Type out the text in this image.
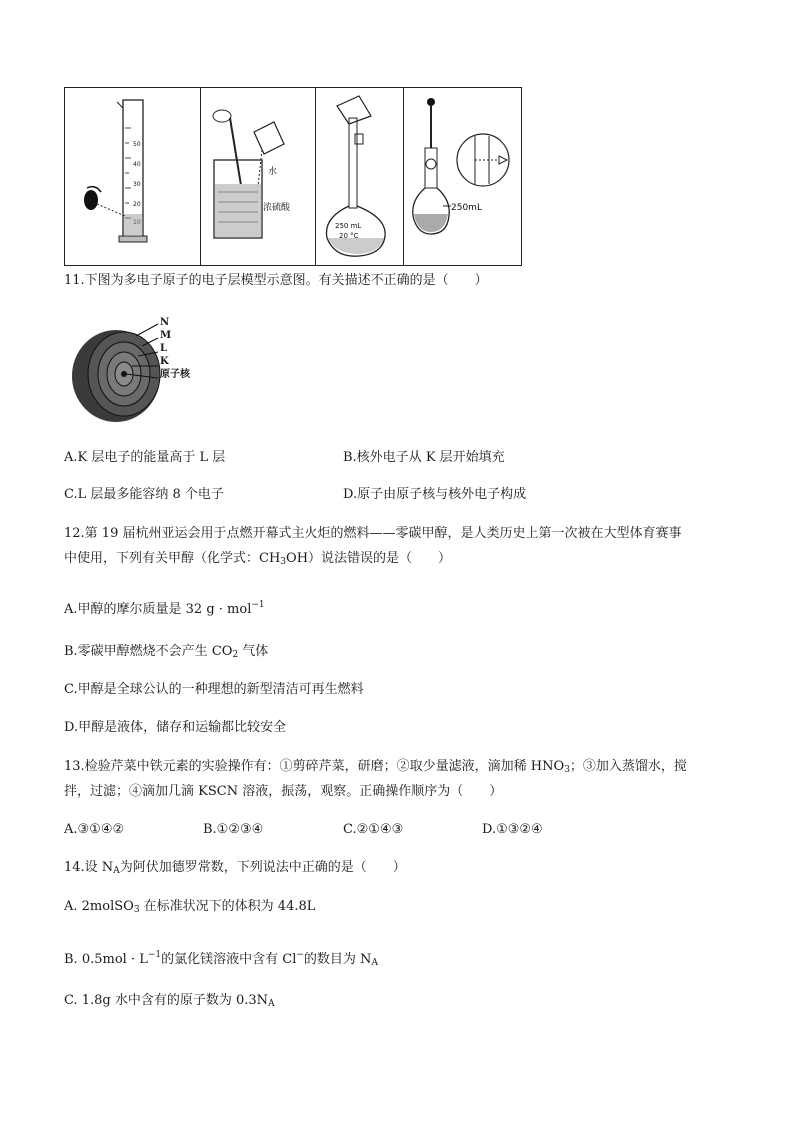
50
40
30
20
水
浓硫酸
250 mL
20 °C
250mL
11.下图为多电子原子的电子层模型示意图。有关描述不正确的是（　　）
N
M
L
K
原子核
A.K 层电子的能量高于 L 层	B.核外电子从 K 层开始填充
C.L 层最多能容纳 8 个电子	D.原子由原子核与核外电子构成
12.第 19 届杭州亚运会用于点燃开幕式主火炬的燃料——零碳甲醇，是人类历史上第一次被在大型体育赛事
中使用，下列有关甲醇（化学式：$CH_3OH$）说法错误的是（　　）
A.甲醇的摩尔质量是 32 g · mol$^{-1}$
B.零碳甲醇燃烧不会产生 $CO_2$ 气体
C.甲醇是全球公认的一种理想的新型清洁可再生燃料
D.甲醇是液体，储存和运输都比较安全
13.检验芹菜中铁元素的实验操作有：①剪碎芹菜，研磨；②取少量滤液，滴加稀 $HNO_3$；③加入蒸馏水，搅
拌，过滤；④滴加几滴 KSCN 溶液，振荡，观察。正确操作顺序为（　　）
A.③①④②	B.①②③④	C.②①④③	D.①③②④
14.设 $N_A$为阿伏加德罗常数，下列说法中正确的是（　　）
A. 2molSO$_3$ 在标准状况下的体积为 44.8L
B. $0.5mol \cdot L^{-1}$的氯化镁溶液中含有 Cl−的数目为 $N_A$
C. 1.8g 水中含有的原子数为 $0.3N_A$
